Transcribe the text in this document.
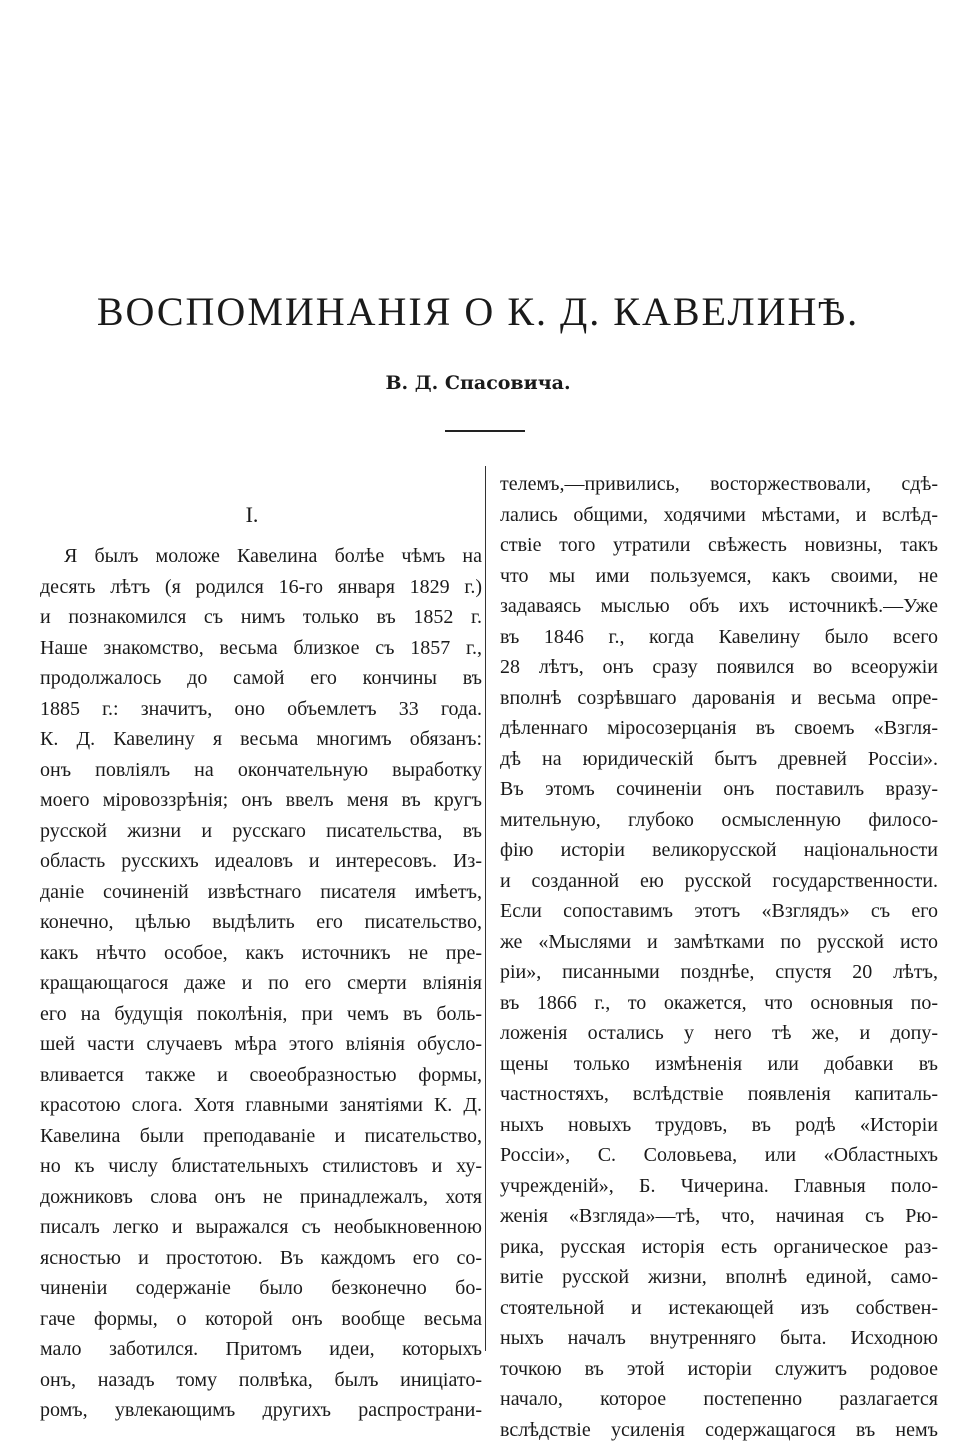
ВОСПОМИНАНІЯ О К. Д. КАВЕЛИНѢ.

В. Д. Спасовича.

I.

Я былъ моложе Кавелина болѣе чѣмъ на
десять лѣтъ (я родился 16-го января 1829 г.)
и познакомился съ нимъ только въ 1852 г.
Наше знакомство, весьма близкое съ 1857 г.,
продолжалось до самой его кончины въ
1885 г.: значитъ, оно объемлетъ 33 года.
К. Д. Кавелину я весьма многимъ обязанъ:
онъ повліялъ на окончательную выработку
моего міровоззрѣнія; онъ ввелъ меня въ кругъ
русской жизни и русскаго писательства, въ
область русскихъ идеаловъ и интересовъ. Из-
даніе сочиненій извѣстнаго писателя имѣетъ,
конечно, цѣлью выдѣлить его писательство,
какъ нѣчто особое, какъ источникъ не пре-
кращающагося даже и по его смерти вліянія
его на будущія поколѣнія, при чемъ въ боль-
шей части случаевъ мѣра этого вліянія обусло-
вливается также и своеобразностью формы,
красотою слога. Хотя главными занятіями К. Д.
Кавелина были преподаваніе и писательство,
но къ числу блистательныхъ стилистовъ и ху-
дожниковъ слова онъ не принадлежалъ, хотя
писалъ легко и выражался съ необыкновенною
ясностью и простотою. Въ каждомъ его со-
чиненіи содержаніе было безконечно бо-
гаче формы, о которой онъ вообще весьма
мало заботился. Притомъ идеи, которыхъ
онъ, назадъ тому полвѣка, былъ иниціато-
ромъ, увлекающимъ другихъ распространи-
телемъ,—привились, восторжествовали, сдѣ-
лались общими, ходячими мѣстами, и вслѣд-
ствіе того утратили свѣжесть новизны, такъ
что мы ими пользуемся, какъ своими, не
задаваясь мыслью объ ихъ источникѣ.—Уже
въ 1846 г., когда Кавелину было всего
28 лѣтъ, онъ сразу появился во всеоружіи
вполнѣ созрѣвшаго дарованія и весьма опре-
дѣленнаго міросозерцанія въ своемъ «Взгля-
дѣ на юридическій бытъ древней Россіи».
Въ этомъ сочиненіи онъ поставилъ вразу-
мительную, глубоко осмысленную филосо-
фію исторіи великорусской національности
и созданной ею русской государственности.
Если сопоставимъ этотъ «Взглядъ» съ его
же «Мыслями и замѣтками по русской исто
ріи», писанными позднѣе, спустя 20 лѣтъ,
въ 1866 г., то окажется, что основныя по-
ложенія остались у него тѣ же, и допу-
щены только измѣненія или добавки въ
частностяхъ, вслѣдствіе появленія капиталь-
ныхъ новыхъ трудовъ, въ родѣ «Исторіи
Россіи», С. Соловьева, или «Областныхъ
учрежденій», Б. Чичерина. Главныя поло-
женія «Взгляда»—тѣ, что, начиная съ Рю-
рика, русская исторія есть органическое раз-
витіе русской жизни, вполнѣ единой, само-
стоятельной и истекающей изъ собствен-
ныхъ началъ внутренняго быта. Исходною
точкою въ этой исторіи служитъ родовое
начало, которое постепенно разлагается
вслѣдствіе усиленія содержащагося въ немъ
